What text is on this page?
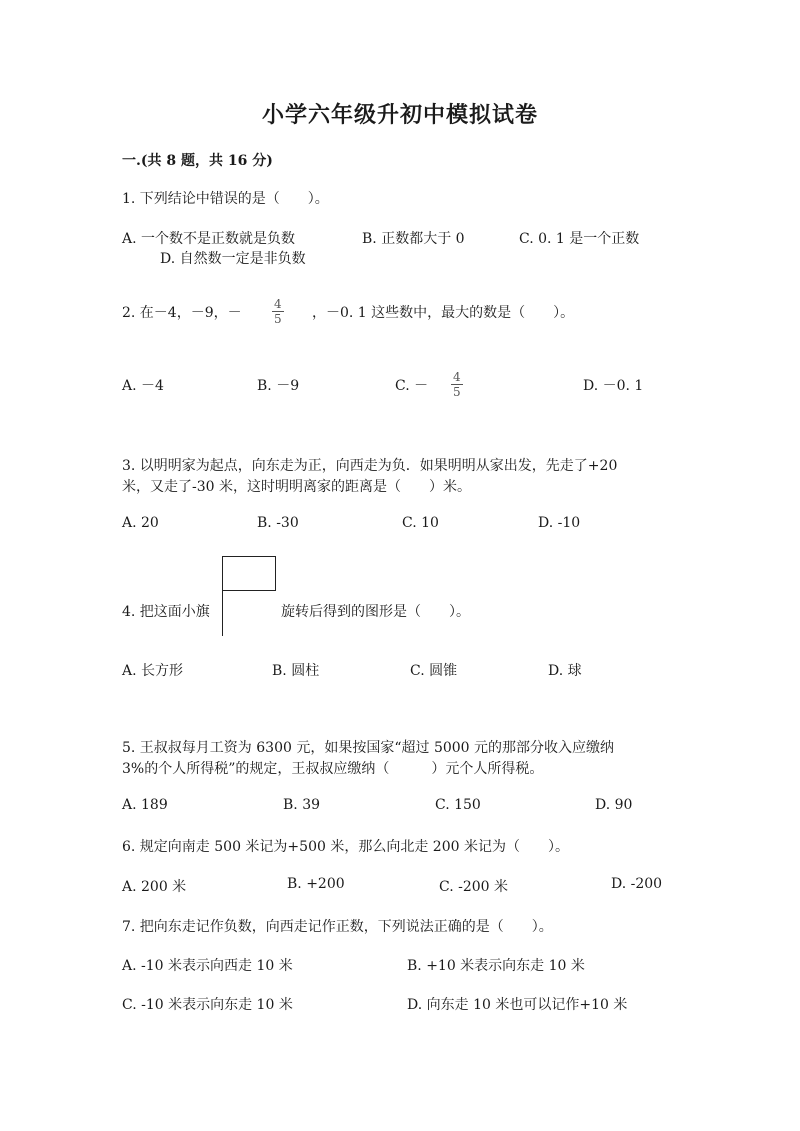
小学六年级升初中模拟试卷
一.(共 8 题，共 16 分)
1. 下列结论中错误的是（　　）。
A. 一个数不是正数就是负数	B. 正数都大于 0	C. 0. 1 是一个正数
D. 自然数一定是非负数
2. 在－4，－9，－	$\frac{4}{5}$ ，－0. 1 这些数中，最大的数是（　　）。
A. －4	B. －9	C. － $\frac{4}{5}$	D. －0. 1
3. 以明明家为起点，向东走为正，向西走为负．如果明明从家出发，先走了+20
米，又走了-30 米，这时明明离家的距离是（　　）米。
A. 20	B. -30	C. 10	D. -10
4. 把这面小旗	旋转后得到的图形是（　　）。
A. 长方形	B. 圆柱	C. 圆锥	D. 球
5. 王叔叔每月工资为 6300 元，如果按国家“超过 5000 元的那部分收入应缴纳
3%的个人所得税”的规定，王叔叔应缴纳（　　　）元个人所得税。
A. 189	B. 39	C. 150	D. 90
6. 规定向南走 500 米记为+500 米，那么向北走 200 米记为（　　）。
A. 200 米	B. +200	C. -200 米	D. -200
7. 把向东走记作负数，向西走记作正数，下列说法正确的是（　　）。
A. -10 米表示向西走 10 米	B. +10 米表示向东走 10 米
C. -10 米表示向东走 10 米	D. 向东走 10 米也可以记作+10 米
